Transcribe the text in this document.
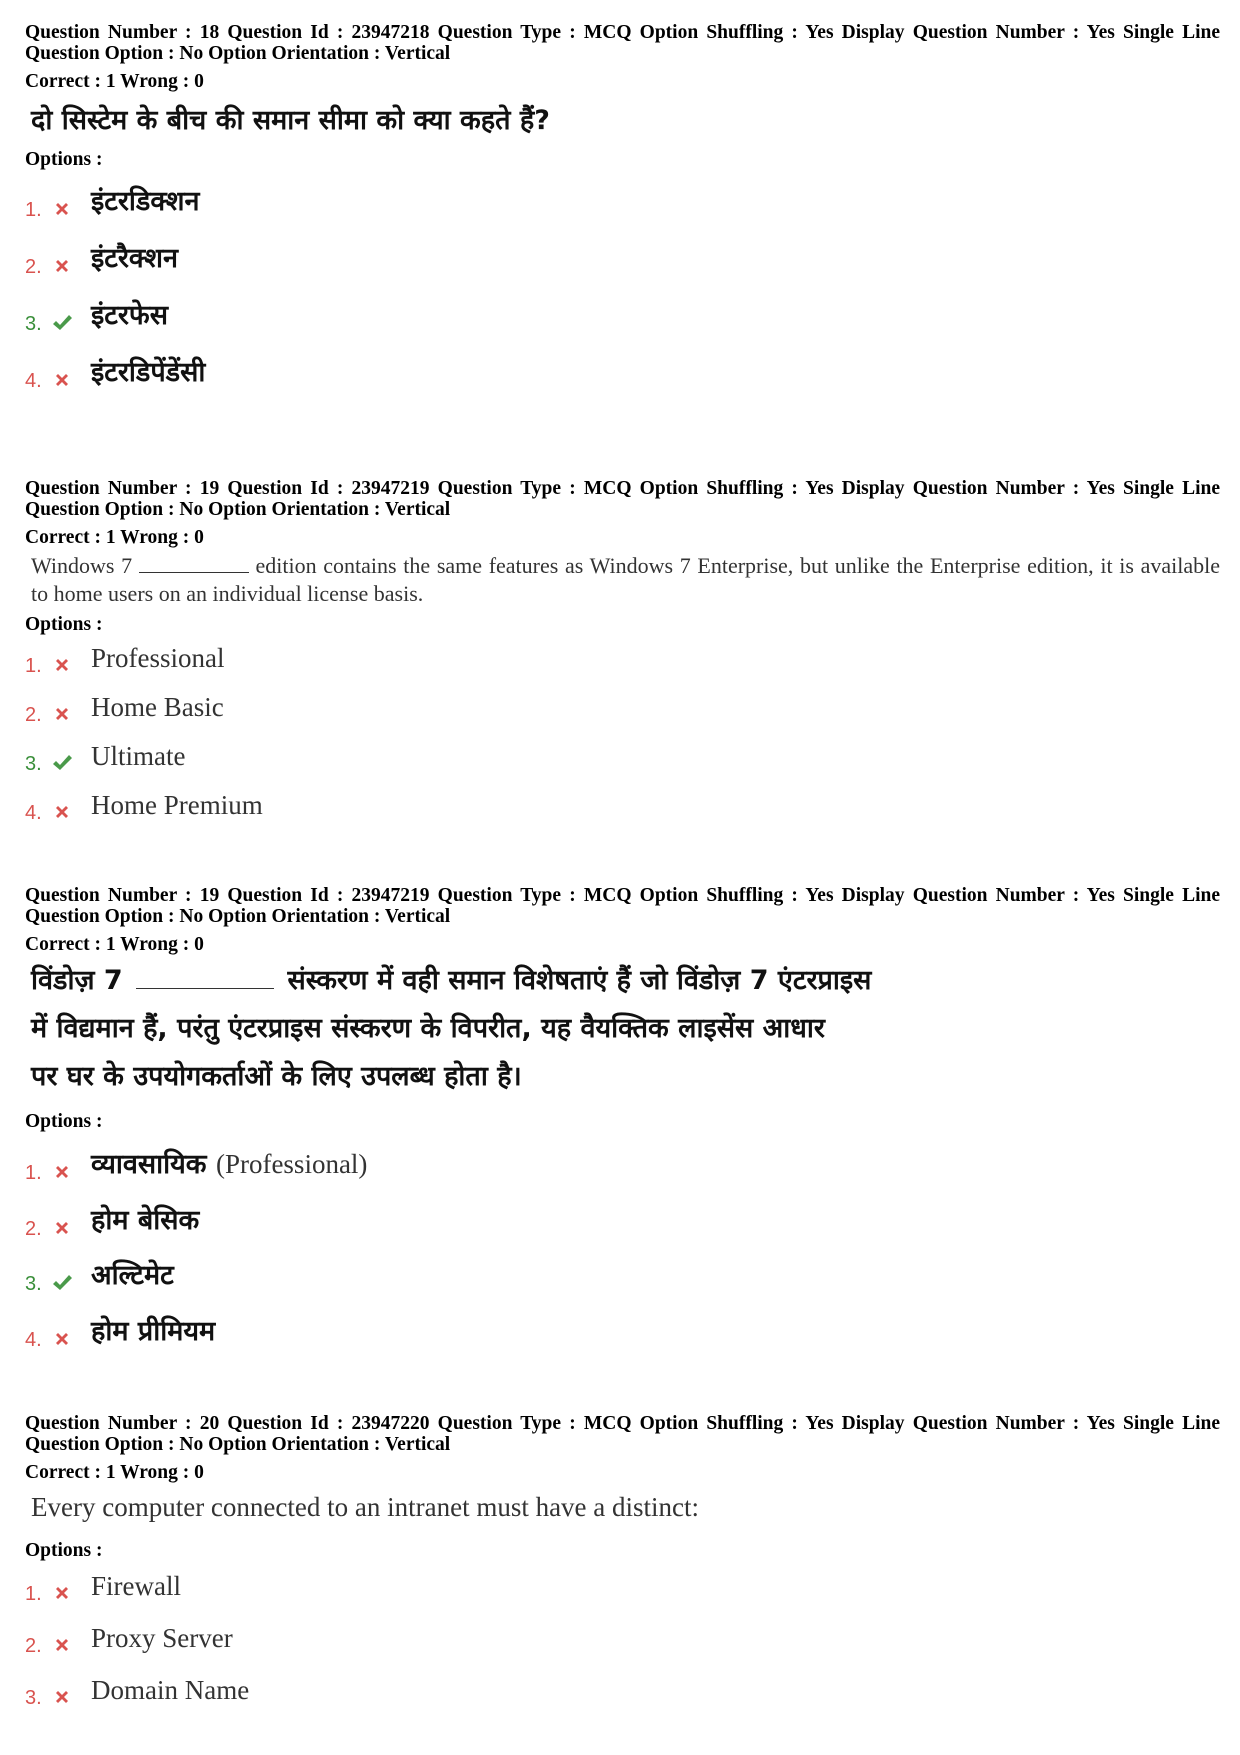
Question Number : 18 Question Id : 23947218 Question Type : MCQ Option Shuffling : Yes Display Question Number : Yes Single Line Question Option : No Option Orientation : Vertical
Correct : 1 Wrong : 0
दो सिस्टेम के बीच की समान सीमा को क्या कहते हैं?
Options :
1. इंटरडिक्शन
2. इंटरैक्शन
3. इंटरफेस
4. इंटरडिपेंडेंसी
Question Number : 19 Question Id : 23947219 Question Type : MCQ Option Shuffling : Yes Display Question Number : Yes Single Line Question Option : No Option Orientation : Vertical
Correct : 1 Wrong : 0
Windows 7	edition contains the same features as Windows 7 Enterprise, but unlike the Enterprise edition, it is available to home users on an individual license basis.
Options :
1. Professional
2. Home Basic
3. Ultimate
4. Home Premium
Question Number : 19 Question Id : 23947219 Question Type : MCQ Option Shuffling : Yes Display Question Number : Yes Single Line Question Option : No Option Orientation : Vertical
Correct : 1 Wrong : 0
विंडोज़ 7	संस्करण में वही समान विशेषताएं हैं जो विंडोज़ 7 एंटरप्राइस
में विद्यमान हैं, परंतु एंटरप्राइस संस्करण के विपरीत, यह वैयक्तिक लाइसेंस आधार
पर घर के उपयोगकर्ताओं के लिए उपलब्ध होता है।
Options :
1. व्यावसायिक (Professional)
2. होम बेसिक
3. अल्टिमेट
4. होम प्रीमियम
Question Number : 20 Question Id : 23947220 Question Type : MCQ Option Shuffling : Yes Display Question Number : Yes Single Line Question Option : No Option Orientation : Vertical
Correct : 1 Wrong : 0
Every computer connected to an intranet must have a distinct:
Options :
1. Firewall
2. Proxy Server
3. Domain Name
